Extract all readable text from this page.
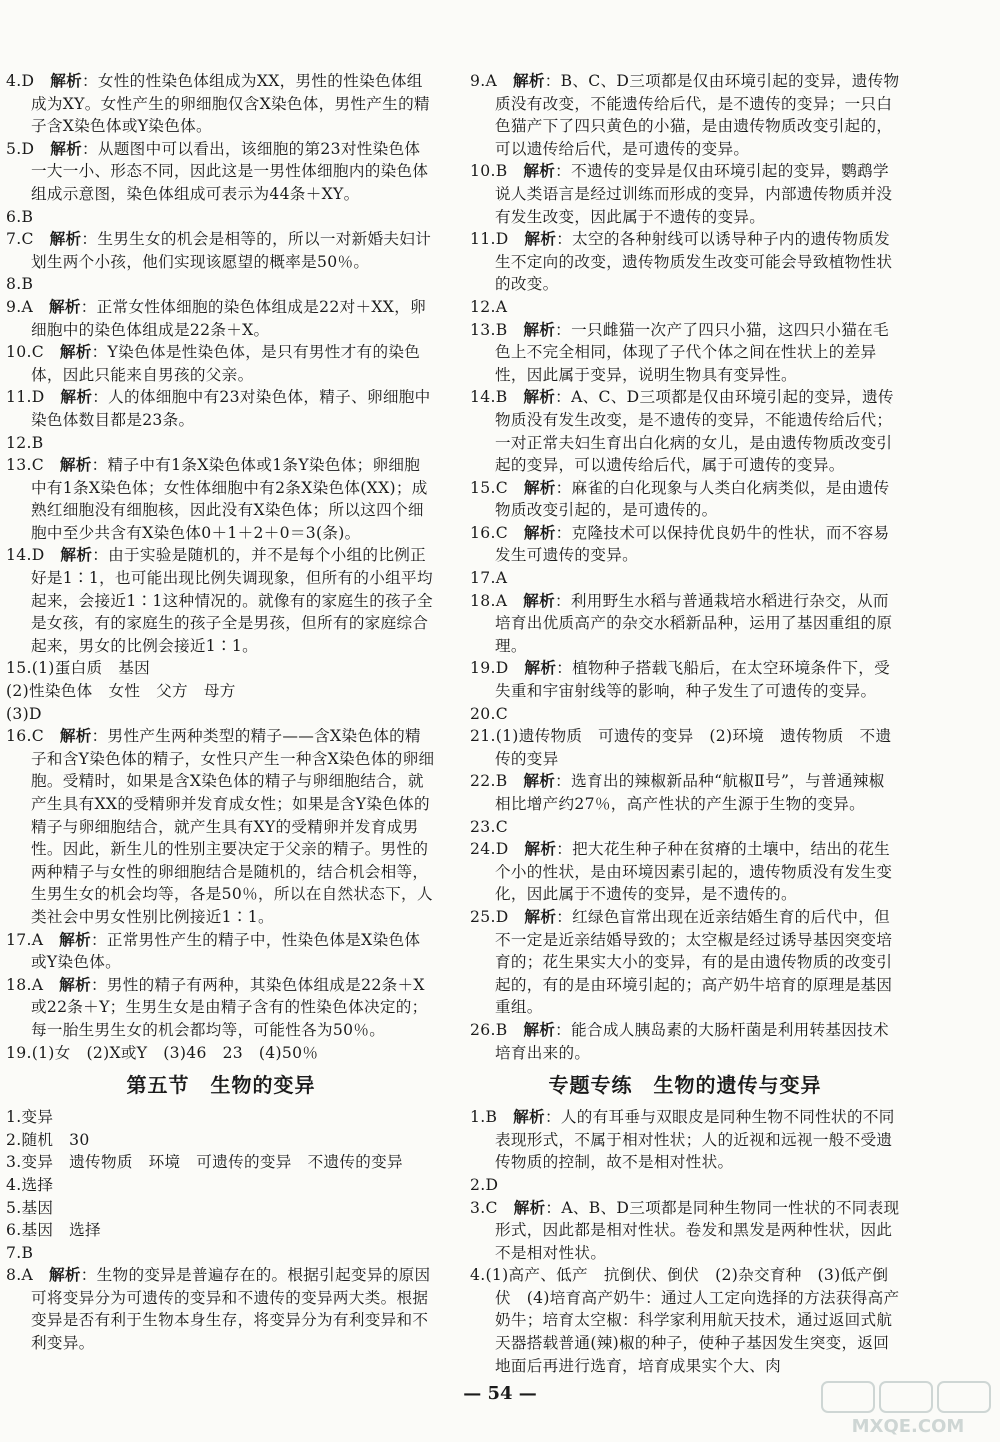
4.D　 解析：女性的性染色体组成为XX，男性的性染色体组成为XY。女性产生的卵细胞仅含X染色体，男性产生的精子含X染色体或Y染色体。
5.D　 解析：从题图中可以看出，该细胞的第23对性染色体一大一小、形态不同，因此这是一男性体细胞内的染色体组成示意图，染色体组成可表示为44条＋XY。
6.B
7.C　 解析：生男生女的机会是相等的，所以一对新婚夫妇计划生两个小孩，他们实现该愿望的概率是50％。
8.B
9.A　 解析：正常女性体细胞的染色体组成是22对＋XX，卵细胞中的染色体组成是22条＋X。
10.C　 解析：Y染色体是性染色体，是只有男性才有的染色体，因此只能来自男孩的父亲。
11.D　 解析：人的体细胞中有23对染色体，精子、卵细胞中染色体数目都是23条。
12.B
13.C　 解析：精子中有1条X染色体或1条Y染色体；卵细胞中有1条X染色体；女性体细胞中有2条X染色体(XX)；成熟红细胞没有细胞核，因此没有X染色体；所以这四个细胞中至少共含有X染色体0＋1＋2＋0＝3(条)。
14.D　 解析：由于实验是随机的，并不是每个小组的比例正好是1∶1，也可能出现比例失调现象，但所有的小组平均起来，会接近1∶1这种情况的。就像有的家庭生的孩子全是女孩，有的家庭生的孩子全是男孩，但所有的家庭综合起来，男女的比例会接近1∶1。
15.(1)蛋白质　基因
(2)性染色体　女性　父方　母方
(3)D
16.C　 解析：男性产生两种类型的精子——含X染色体的精子和含Y染色体的精子，女性只产生一种含X染色体的卵细胞。受精时，如果是含X染色体的精子与卵细胞结合，就产生具有XX的受精卵并发育成女性；如果是含Y染色体的精子与卵细胞结合，就产生具有XY的受精卵并发育成男性。因此，新生儿的性别主要决定于父亲的精子。男性的两种精子与女性的卵细胞结合是随机的，结合机会相等，生男生女的机会均等，各是50％，所以在自然状态下，人类社会中男女性别比例接近1∶1。
17.A　 解析：正常男性产生的精子中，性染色体是X染色体或Y染色体。
18.A　 解析：男性的精子有两种，其染色体组成是22条＋X或22条＋Y；生男生女是由精子含有的性染色体决定的；每一胎生男生女的机会都均等，可能性各为50％。
19.(1)女　(2)X或Y　(3)46　23　(4)50％
第五节　生物的变异
1.变异
2.随机　30
3.变异　遗传物质　环境　可遗传的变异　不遗传的变异
4.选择
5.基因
6.基因　选择
7.B
8.A　 解析：生物的变异是普遍存在的。根据引起变异的原因可将变异分为可遗传的变异和不遗传的变异两大类。根据变异是否有利于生物本身生存，将变异分为有利变异和不利变异。
9.A　 解析：B、C、D三项都是仅由环境引起的变异，遗传物质没有改变，不能遗传给后代，是不遗传的变异；一只白色猫产下了四只黄色的小猫，是由遗传物质改变引起的，可以遗传给后代，是可遗传的变异。
10.B　 解析：不遗传的变异是仅由环境引起的变异，鹦鹉学说人类语言是经过训练而形成的变异，内部遗传物质并没有发生改变，因此属于不遗传的变异。
11.D　 解析：太空的各种射线可以诱导种子内的遗传物质发生不定向的改变，遗传物质发生改变可能会导致植物性状的改变。
12.A
13.B　 解析：一只雌猫一次产了四只小猫，这四只小猫在毛色上不完全相同，体现了子代个体之间在性状上的差异性，因此属于变异，说明生物具有变异性。
14.B　 解析：A、C、D三项都是仅由环境引起的变异，遗传物质没有发生改变，是不遗传的变异，不能遗传给后代；一对正常夫妇生育出白化病的女儿，是由遗传物质改变引起的变异，可以遗传给后代，属于可遗传的变异。
15.C　 解析：麻雀的白化现象与人类白化病类似，是由遗传物质改变引起的，是可遗传的。
16.C　 解析：克隆技术可以保持优良奶牛的性状，而不容易发生可遗传的变异。
17.A
18.A　 解析：利用野生水稻与普通栽培水稻进行杂交，从而培育出优质高产的杂交水稻新品种，运用了基因重组的原理。
19.D　 解析：植物种子搭载飞船后，在太空环境条件下，受失重和宇宙射线等的影响，种子发生了可遗传的变异。
20.C
21.(1)遗传物质　可遗传的变异　(2)环境　遗传物质　不遗传的变异
22.B　 解析：选育出的辣椒新品种“航椒Ⅱ号”，与普通辣椒相比增产约27％，高产性状的产生源于生物的变异。
23.C
24.D　 解析：把大花生种子种在贫瘠的土壤中，结出的花生个小的性状，是由环境因素引起的，遗传物质没有发生变化，因此属于不遗传的变异，是不遗传的。
25.D　 解析：红绿色盲常出现在近亲结婚生育的后代中，但不一定是近亲结婚导致的；太空椒是经过诱导基因突变培育的；花生果实大小的变异，有的是由遗传物质的改变引起的，有的是由环境引起的；高产奶牛培育的原理是基因重组。
26.B　 解析：能合成人胰岛素的大肠杆菌是利用转基因技术培育出来的。
专题专练　生物的遗传与变异
1.B　 解析：人的有耳垂与双眼皮是同种生物不同性状的不同表现形式，不属于相对性状；人的近视和远视一般不受遗传物质的控制，故不是相对性状。
2.D
3.C　 解析：A、B、D三项都是同种生物同一性状的不同表现形式，因此都是相对性状。卷发和黑发是两种性状，因此不是相对性状。
4.(1)高产、低产　抗倒伏、倒伏　(2)杂交育种　(3)低产倒伏　(4)培育高产奶牛：通过人工定向选择的方法获得高产奶牛；培育太空椒：科学家利用航天技术，通过返回式航天器搭载普通(辣)椒的种子，使种子基因发生突变，返回地面后再进行选育，培育成果实个大、肉
— 54 —
MXQE.COM
